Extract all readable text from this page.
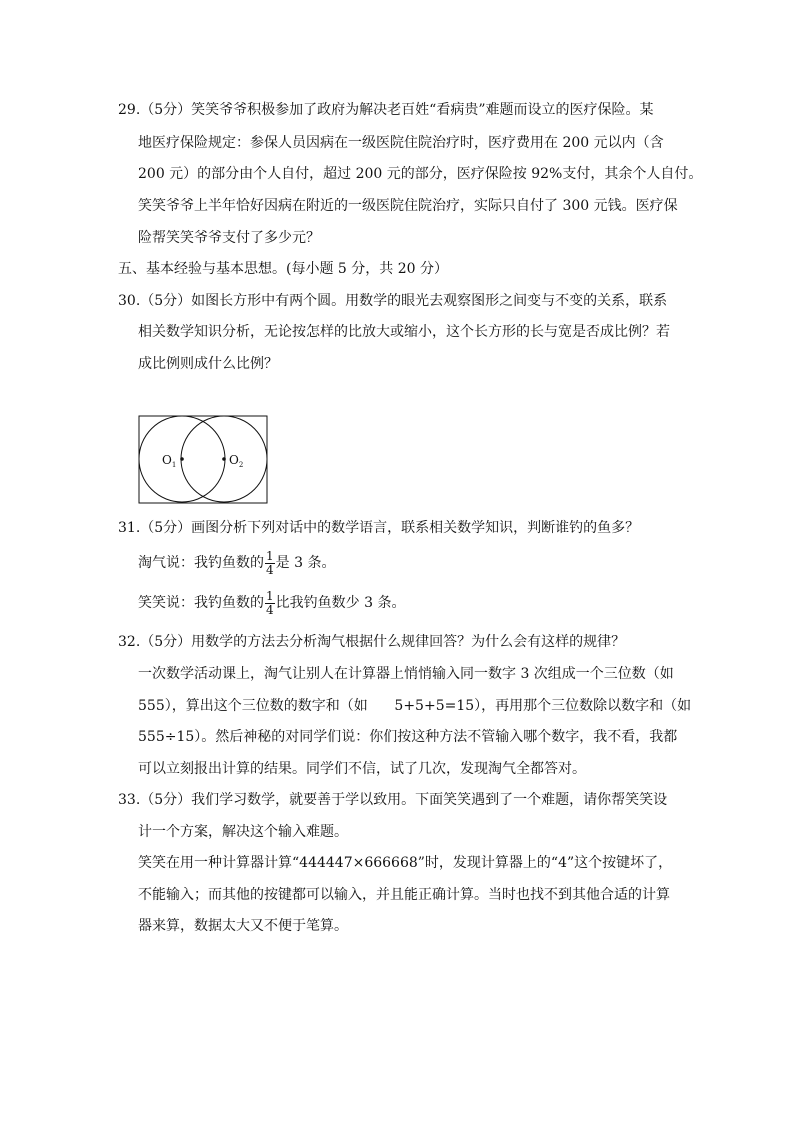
29.（5分）笑笑爷爷积极参加了政府为解决老百姓“看病贵”难题而设立的医疗保险。某
地医疗保险规定：参保人员因病在一级医院住院治疗时，医疗费用在 200 元以内（含
200 元）的部分由个人自付，超过 200 元的部分，医疗保险按 92%支付，其余个人自付。
笑笑爷爷上半年恰好因病在附近的一级医院住院治疗，实际只自付了 300 元钱。医疗保
险帮笑笑爷爷支付了多少元？
五、基本经验与基本思想。(每小题 5 分，共 20 分）
30.（5分）如图长方形中有两个圆。用数学的眼光去观察图形之间变与不变的关系，联系
相关数学知识分析，无论按怎样的比放大或缩小，这个长方形的长与宽是否成比例？若
成比例则成什么比例？
$O_1$	$O_2$
31.（5分）画图分析下列对话中的数学语言，联系相关数学知识，判断谁钓的鱼多？
淘气说：我钓鱼数的 $\frac{1}{4}$ 是 3 条。
笑笑说：我钓鱼数的 $\frac{1}{4}$ 比我钓鱼数少 3 条。
32.（5分）用数学的方法去分析淘气根据什么规律回答？为什么会有这样的规律？
一次数学活动课上，淘气让别人在计算器上悄悄输入同一数字 3 次组成一个三位数（如
555），算出这个三位数的数字和（如      5+5+5=15），再用那个三位数除以数字和（如
555÷15）。然后神秘的对同学们说：你们按这种方法不管输入哪个数字，我不看，我都
可以立刻报出计算的结果。同学们不信，试了几次，发现淘气全都答对。
33.（5分）我们学习数学，就要善于学以致用。下面笑笑遇到了一个难题，请你帮笑笑设
计一个方案，解决这个输入难题。
笑笑在用一种计算器计算“444447×666668”时，发现计算器上的“4”这个按键坏了，
不能输入；而其他的按键都可以输入，并且能正确计算。当时也找不到其他合适的计算
器来算，数据太大又不便于笔算。
